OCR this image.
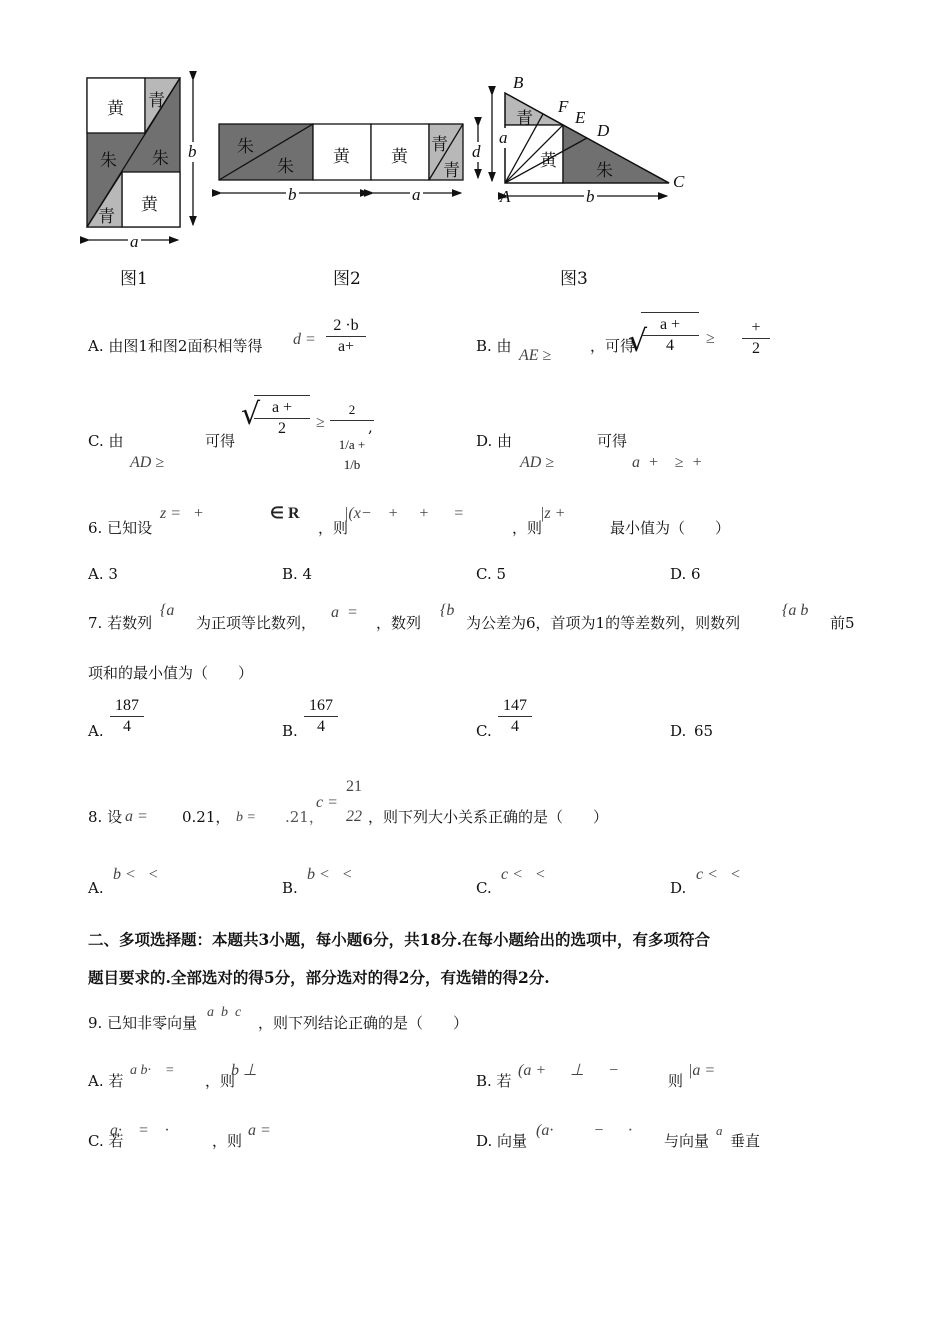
黄 青
朱 朱
青
黄
a
b 朱
朱
黄 黄
青
青
b	a
d
青
黄
朱
B
F
E
D
A
C
a
b
图1	图2	图3
A. 由图1和图2面积相等得 $d = \frac{2 \cdot b}{a+}$	B. 由
AE ≥
，可得
√
$\frac{a +}{4}$ ≥
+
2
C. 由
AD ≥
可得
√
$\frac{a +}{2} \ge \frac{2}{1/a + 1/b}$
,
D. 由
AD ≥
可得
a  +    ≥  +
6. 已知设
z =   +	∈ R
，则
|(x−    +     +      =
，则
|z +
最小值为（　　）
A. 3	B. 4	C. 5	D. 6
7. 若数列
{a
为正项等比数列，
a  =
，数列
{b
为公差为6，首项为1的等差数列，则数列
{a b
前5
项和的最小值为（　　）
A. $\frac{187}{4}$	B. $\frac{167}{4}$	C. $\frac{147}{4}$	D. 65
8. 设 a = 0.21， b = .21，
c =
21
22 ，则下列大小关系正确的是（　　）
A.
b <   <
B.
b <   <
C.
c <   <
D.
c <   <
二、多项选择题：本题共3小题，每小题6分，共18分.在每小题给出的选项中，有多项符合
题目要求的.全部选对的得5分，部分选对的得2分，有选错的得2分.
9. 已知非零向量
a  b  c
，则下列结论正确的是（　　）
A. 若
a b·    =
，则
b ⊥
B. 若
(a +      ⊥      −
则
|a =
C. 若
a·    =    ·
，则
a =
D. 向量
(a·          −      ·
与向量
a
垂直
